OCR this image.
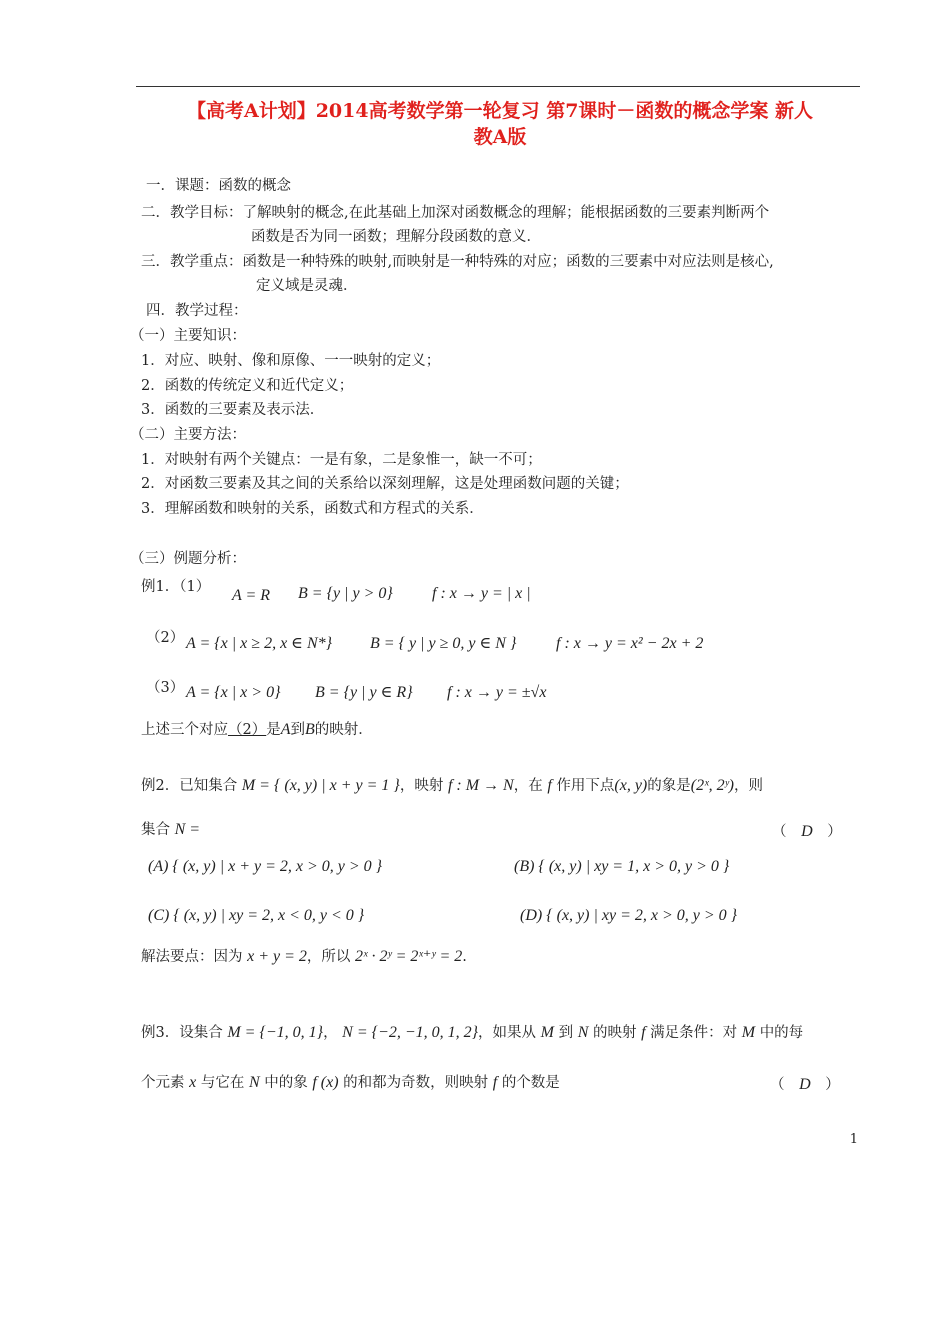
【高考A计划】2014高考数学第一轮复习 第7课时－函数的概念学案 新人
教A版
一．课题：函数的概念
二．教学目标：了解映射的概念,在此基础上加深对函数概念的理解；能根据函数的三要素判断两个
函数是否为同一函数；理解分段函数的意义．
三．教学重点：函数是一种特殊的映射,而映射是一种特殊的对应；函数的三要素中对应法则是核心,
定义域是灵魂．
四．教学过程：
（一）主要知识：
1．对应、映射、像和原像、一一映射的定义；
2．函数的传统定义和近代定义；
3．函数的三要素及表示法．
（二）主要方法：
1．对映射有两个关键点：一是有象，二是象惟一，缺一不可；
2．对函数三要素及其之间的关系给以深刻理解，这是处理函数问题的关键；
3．理解函数和映射的关系，函数式和方程式的关系．
（三）例题分析：
例1．（1） A = R B = {y | y > 0} f : x → y = | x |
（2） A = {x | x ≥ 2, x ∈ N*} B = { y | y ≥ 0, y ∈ N } f : x → y = x² − 2x + 2
（3） A = {x | x > 0} B = {y | y ∈ R} f : x → y = ±√x
上述三个对应（2）是A到B的映射．
例2．已知集合 M = { (x, y) | x + y = 1 }，映射 f : M → N，在 f 作用下点(x, y)的象是(2ˣ, 2ʸ)，则
集合 N =	（ D ）
(A) { (x, y) | x + y = 2, x > 0, y > 0 }	(B) { (x, y) | xy = 1, x > 0, y > 0 }
(C) { (x, y) | xy = 2, x < 0, y < 0 }	(D) { (x, y) | xy = 2, x > 0, y > 0 }
解法要点：因为 x + y = 2，所以 2ˣ · 2ʸ = 2ˣ⁺ʸ = 2.
例3．设集合 M = {−1, 0, 1}， N = {−2, −1, 0, 1, 2}，如果从 M 到 N 的映射 f 满足条件：对 M 中的每
个元素 x 与它在 N 中的象 f (x) 的和都为奇数，则映射 f 的个数是	（ D ）
1
